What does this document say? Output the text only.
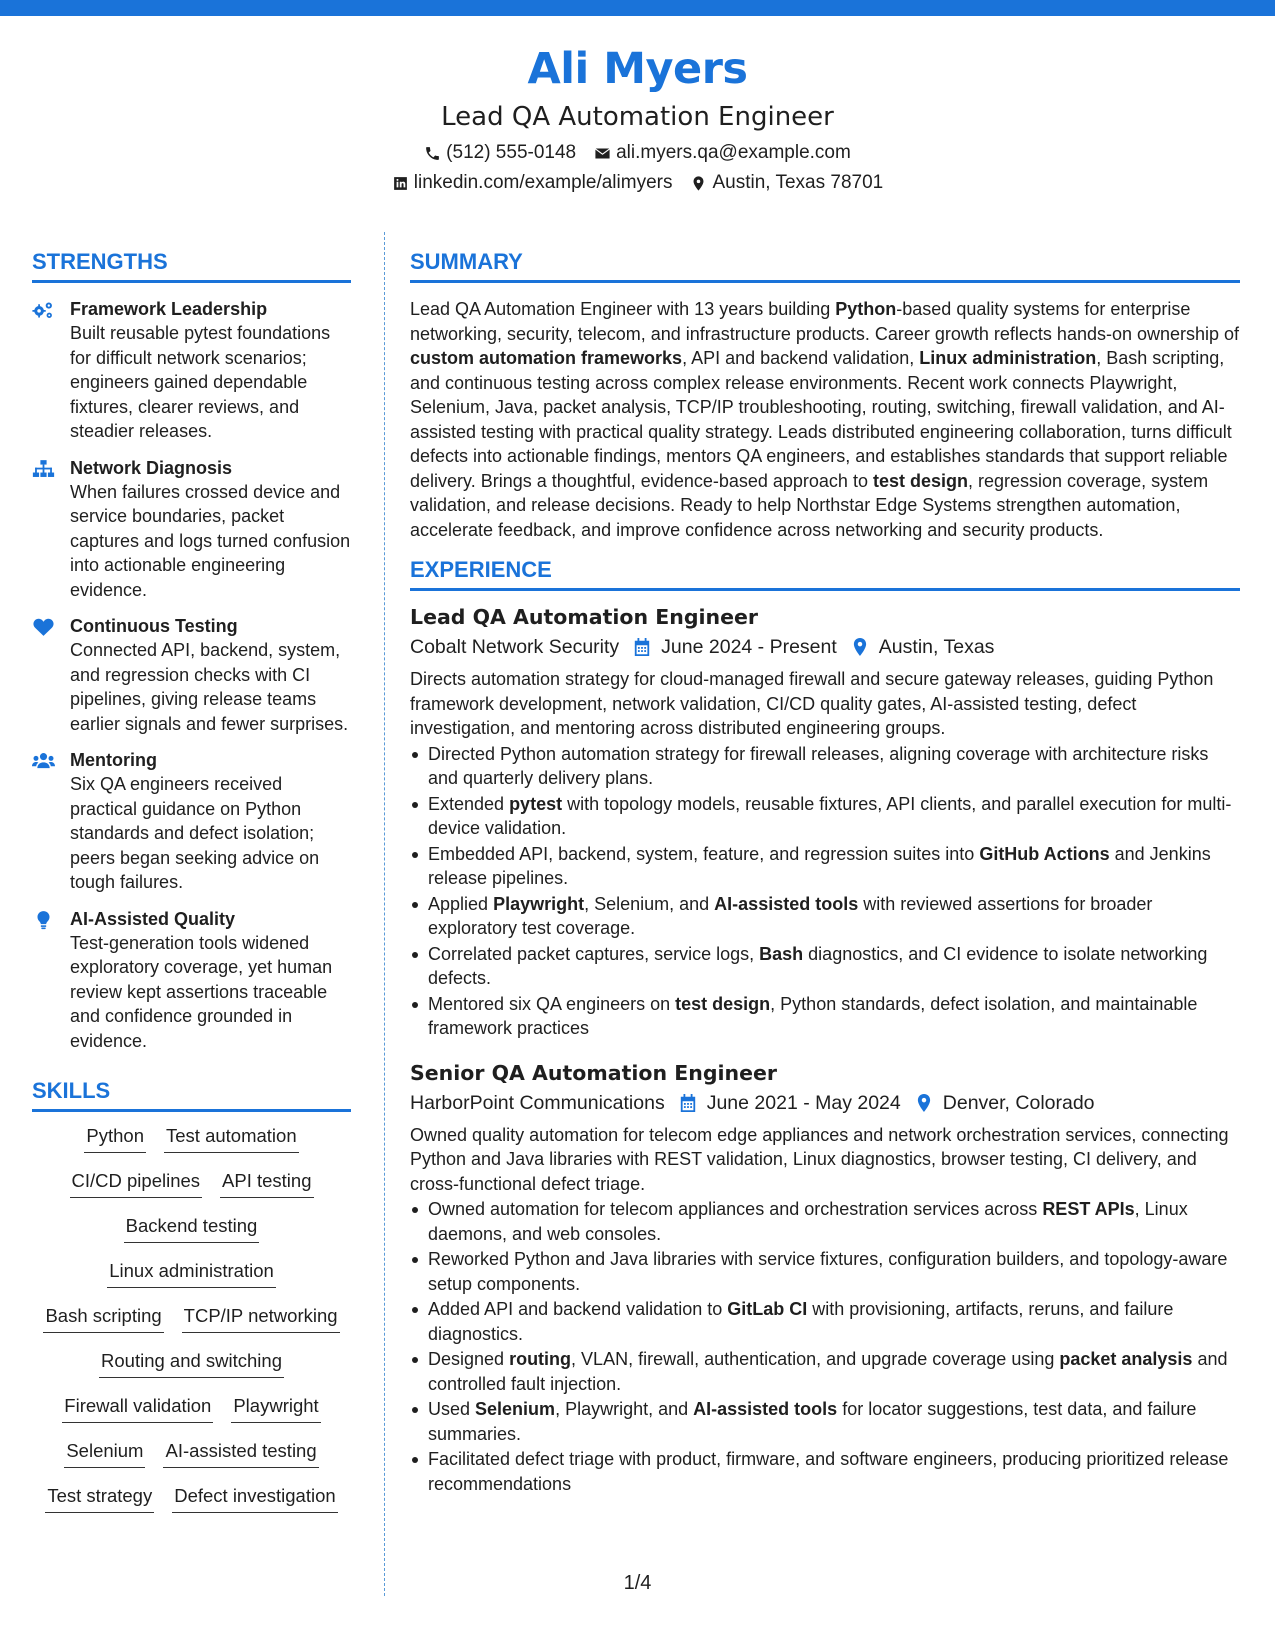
Ali Myers
Lead QA Automation Engineer
(512) 555-0148 ali.myers.qa@example.com
linkedin.com/example/alimyers Austin, Texas 78701
STRENGTHS
Framework Leadership
Built reusable pytest foundations for difficult network scenarios; engineers gained dependable fixtures, clearer reviews, and steadier releases.
Network Diagnosis
When failures crossed device and service boundaries, packet captures and logs turned confusion into actionable engineering evidence.
Continuous Testing
Connected API, backend, system, and regression checks with CI pipelines, giving release teams earlier signals and fewer surprises.
Mentoring
Six QA engineers received practical guidance on Python standards and defect isolation; peers began seeking advice on tough failures.
AI-Assisted Quality
Test-generation tools widened exploratory coverage, yet human review kept assertions traceable and confidence grounded in evidence.
SKILLS
Python Test automation
CI/CD pipelines API testing
Backend testing
Linux administration
Bash scripting TCP/IP networking
Routing and switching
Firewall validation Playwright
Selenium AI-assisted testing
Test strategy Defect investigation
SUMMARY
Lead QA Automation Engineer with 13 years building Python-based quality systems for enterprise networking, security, telecom, and infrastructure products. Career growth reflects hands-on ownership of custom automation frameworks, API and backend validation, Linux administration, Bash scripting, and continuous testing across complex release environments. Recent work connects Playwright, Selenium, Java, packet analysis, TCP/IP troubleshooting, routing, switching, firewall validation, and AI-assisted testing with practical quality strategy. Leads distributed engineering collaboration, turns difficult defects into actionable findings, mentors QA engineers, and establishes standards that support reliable delivery. Brings a thoughtful, evidence-based approach to test design, regression coverage, system validation, and release decisions. Ready to help Northstar Edge Systems strengthen automation, accelerate feedback, and improve confidence across networking and security products.
EXPERIENCE
Lead QA Automation Engineer
Cobalt Network Security June 2024 - Present Austin, Texas
Directs automation strategy for cloud-managed firewall and secure gateway releases, guiding Python framework development, network validation, CI/CD quality gates, AI-assisted testing, defect investigation, and mentoring across distributed engineering groups.
Directed Python automation strategy for firewall releases, aligning coverage with architecture risks and quarterly delivery plans.
Extended pytest with topology models, reusable fixtures, API clients, and parallel execution for multi-device validation.
Embedded API, backend, system, feature, and regression suites into GitHub Actions and Jenkins release pipelines.
Applied Playwright, Selenium, and AI-assisted tools with reviewed assertions for broader exploratory test coverage.
Correlated packet captures, service logs, Bash diagnostics, and CI evidence to isolate networking defects.
Mentored six QA engineers on test design, Python standards, defect isolation, and maintainable framework practices
Senior QA Automation Engineer
HarborPoint Communications June 2021 - May 2024 Denver, Colorado
Owned quality automation for telecom edge appliances and network orchestration services, connecting Python and Java libraries with REST validation, Linux diagnostics, browser testing, CI delivery, and cross-functional defect triage.
Owned automation for telecom appliances and orchestration services across REST APIs, Linux daemons, and web consoles.
Reworked Python and Java libraries with service fixtures, configuration builders, and topology-aware setup components.
Added API and backend validation to GitLab CI with provisioning, artifacts, reruns, and failure diagnostics.
Designed routing, VLAN, firewall, authentication, and upgrade coverage using packet analysis and controlled fault injection.
Used Selenium, Playwright, and AI-assisted tools for locator suggestions, test data, and failure summaries.
Facilitated defect triage with product, firmware, and software engineers, producing prioritized release recommendations
1/4
